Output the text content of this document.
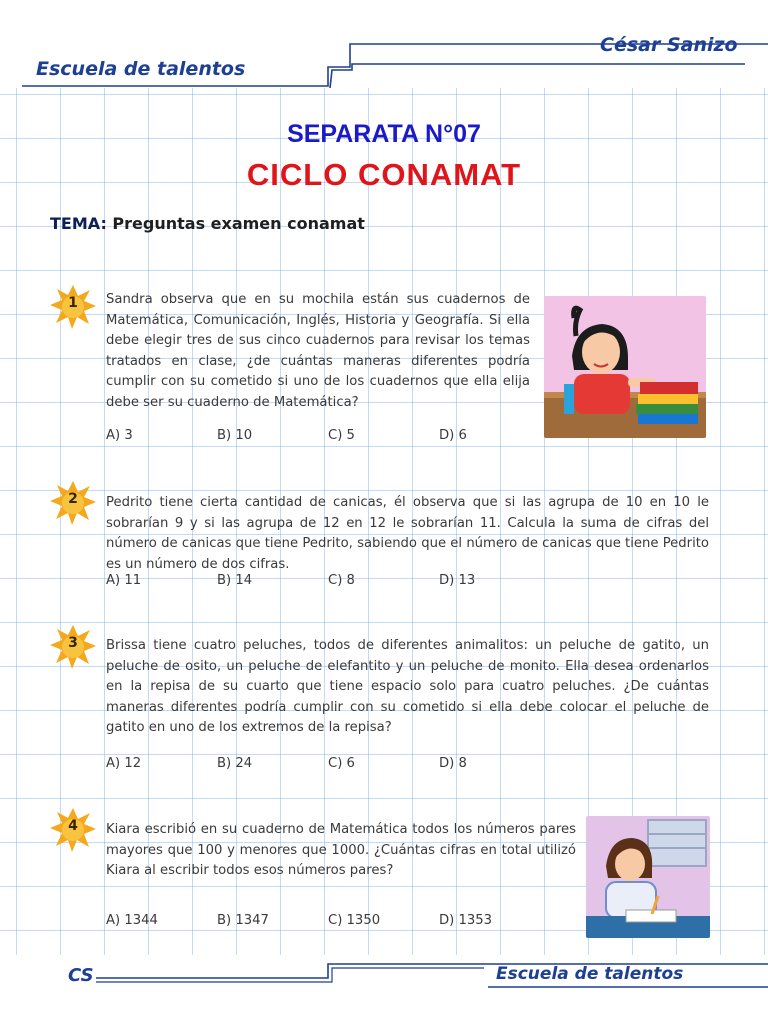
Escuela de talentos
César Sanizo
SEPARATA N°07
CICLO CONAMAT
TEMA: Preguntas examen conamat
1	Sandra observa que en su mochila están sus cuadernos de Matemática, Comunicación, Inglés, Historia y Geografía. Si ella debe elegir tres de sus cinco cuadernos para revisar los temas tratados en clase, ¿de cuántas maneras diferentes podría cumplir con su cometido si uno de los cuadernos que ella elija debe ser su cuaderno de Matemática?
A) 3	B) 10	C) 5	D) 6
2	Pedrito tiene cierta cantidad de canicas, él observa que si las agrupa de 10 en 10 le sobrarían 9 y si las agrupa de 12 en 12 le sobrarían 11. Calcula la suma de cifras del número de canicas que tiene Pedrito, sabiendo que el número de canicas que tiene Pedrito es un número de dos cifras.
A) 11	B) 14	C) 8	D) 13
3	Brissa tiene cuatro peluches, todos de diferentes animalitos: un peluche de gatito, un peluche de osito, un peluche de elefantito y un peluche de monito. Ella desea ordenarlos en la repisa de su cuarto que tiene espacio solo para cuatro peluches. ¿De cuántas maneras diferentes podría cumplir con su cometido si ella debe colocar el peluche de gatito en uno de los extremos de la repisa?
A) 12	B) 24	C) 6	D) 8
4	Kiara escribió en su cuaderno de Matemática todos los números pares mayores que 100 y menores que 1000. ¿Cuántas cifras en total utilizó Kiara al escribir todos esos números pares?
A) 1344	B) 1347	C) 1350	D) 1353
CS	Escuela de talentos
